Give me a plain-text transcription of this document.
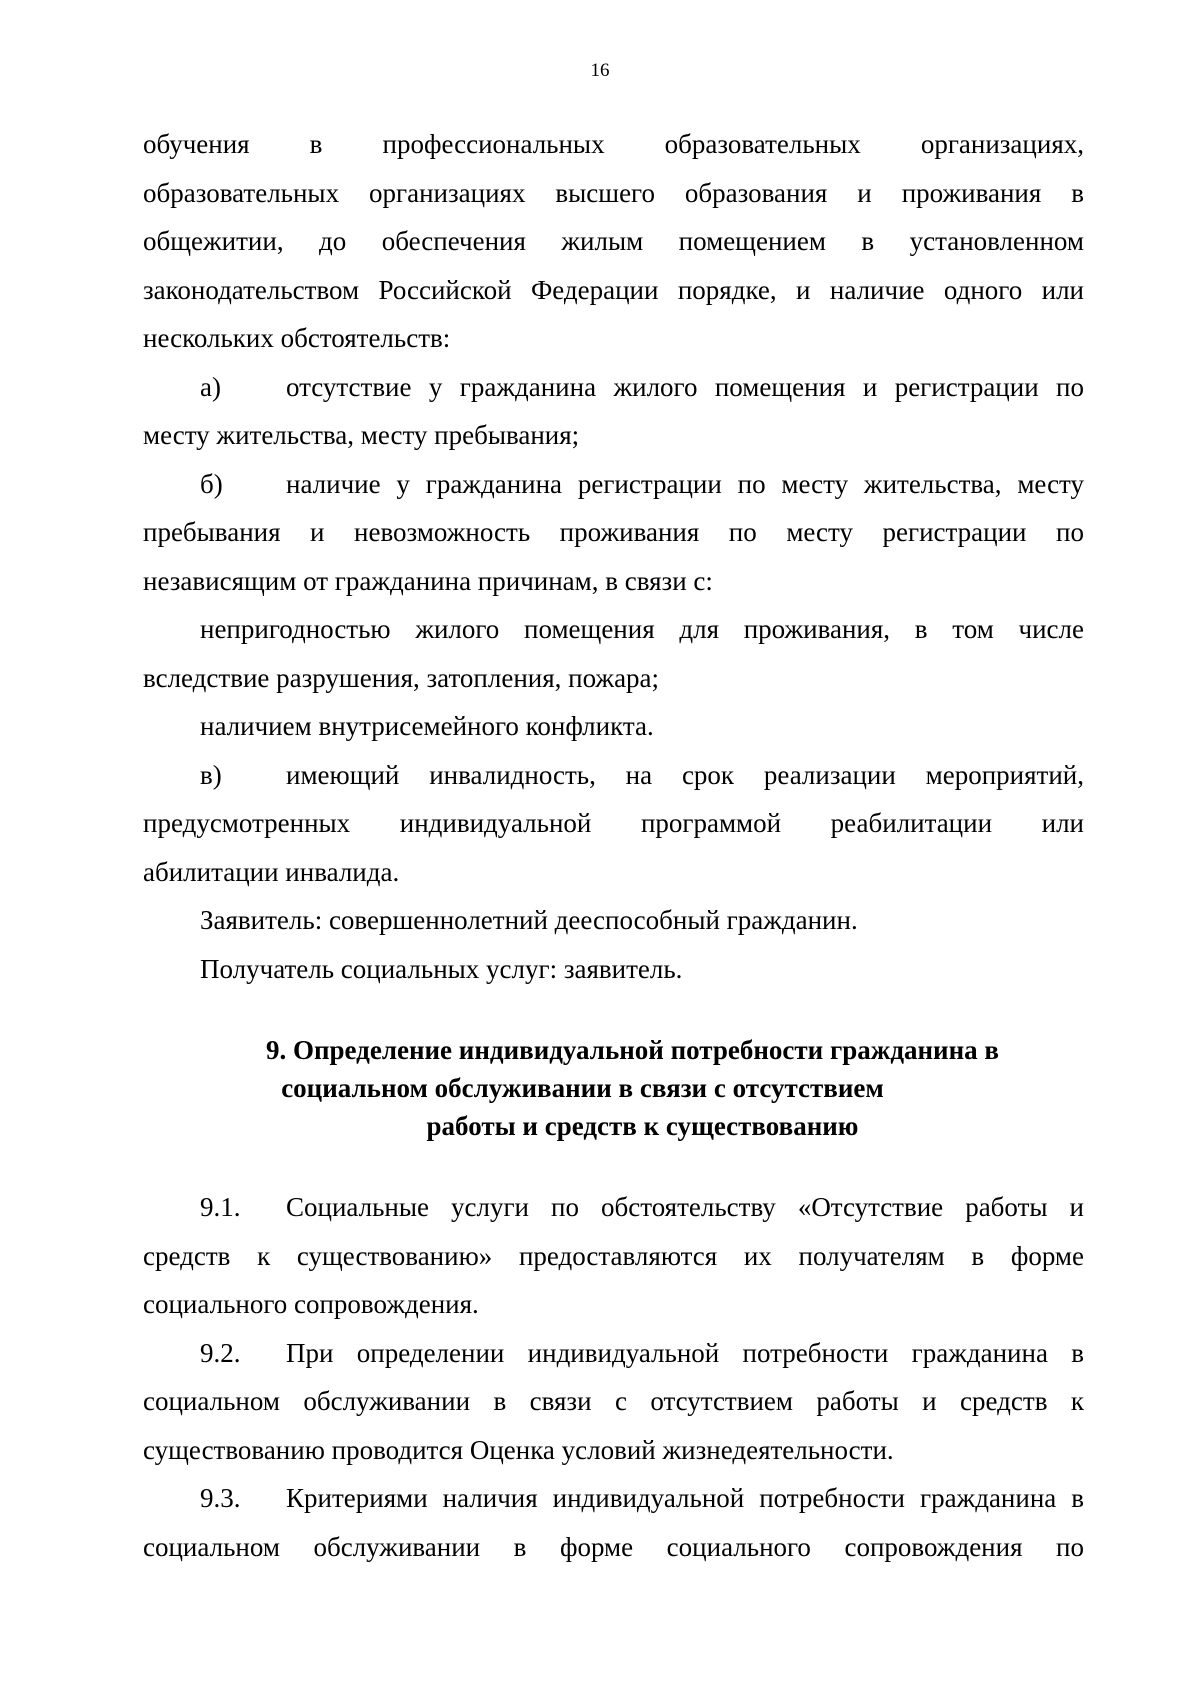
16

обучения в профессиональных образовательных организациях,

образовательных организациях высшего образования и проживания в

общежитии, до обеспечения жилым помещением в установленном

законодательством Российской Федерации порядке, и наличие одного или

нескольких обстоятельств:

а)	отсутствие у гражданина жилого помещения и регистрации по

месту жительства, месту пребывания;

б)	наличие у гражданина регистрации по месту жительства, месту

пребывания и невозможность проживания по месту регистрации по

независящим от гражданина причинам, в связи с:

непригодностью жилого помещения для проживания, в том числе

вследствие разрушения, затопления, пожара;

наличием внутрисемейного конфликта.

в)	имеющий инвалидность, на срок реализации мероприятий,

предусмотренных индивидуальной программой реабилитации или

абилитации инвалида.

Заявитель: совершеннолетний дееспособный гражданин.

Получатель социальных услуг: заявитель.

9. Определение индивидуальной потребности гражданина в
социальном обслуживании в связи с отсутствием
работы и средств к существованию

9.1.	Социальные услуги по обстоятельству «Отсутствие работы и

средств к существованию» предоставляются их получателям в форме

социального сопровождения.

9.2.	При определении индивидуальной потребности гражданина в

социальном обслуживании в связи с отсутствием работы и средств к

существованию проводится Оценка условий жизнедеятельности.

9.3.	Критериями наличия индивидуальной потребности гражданина в

социальном обслуживании в форме социального сопровождения по
